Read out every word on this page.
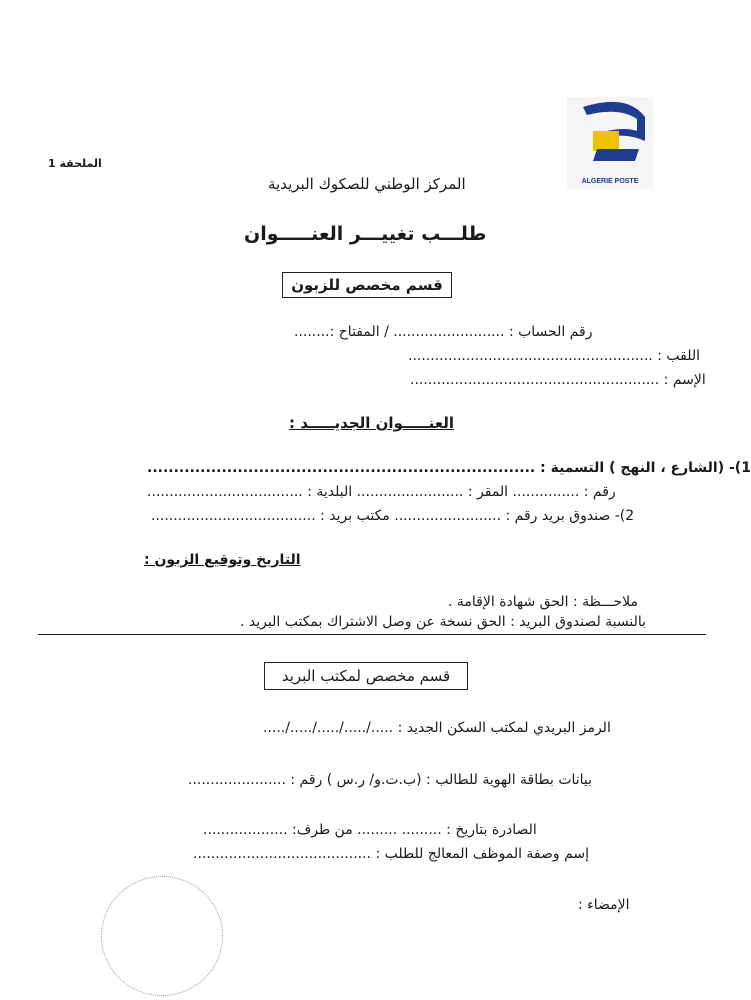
ALGERIE POSTE
الملحقة 1
المركز الوطني للصكوك البريدية
طلـــب تغييـــر العنـــــوان
قسم مخصص للزبون
رقم الحساب : ......................... / المفتاح :........
اللقب : .......................................................
الإسم : ........................................................
العنـــــوان الجديـــــد :
1)- (الشارع ، النهج ) التسمية : .........................................................................
رقم : ............... المقر : ........................ البلدية : ...................................
2)- صندوق بريد رقم : ........................ مكتب بريد : .....................................
التاريخ وتوقيع الزبون :
ملاحـــظة : الحق شهادة الإقامة .
بالنسبة لصندوق البريد : الحق نسخة عن وصل الاشتراك بمكتب البريد .
قسم مخصص لمكتب البريد
الرمز البريدي لمكتب السكن الجديد : ...../...../...../...../.....
بيانات بطاقة الهوية للطالب : (ب.ت.و/ ر.س ) رقم : ......................
الصادرة بتاريخ : ......... ......... من طرف: ...................
إسم وصفة الموظف المعالج للطلب : ........................................
الإمضاء :
